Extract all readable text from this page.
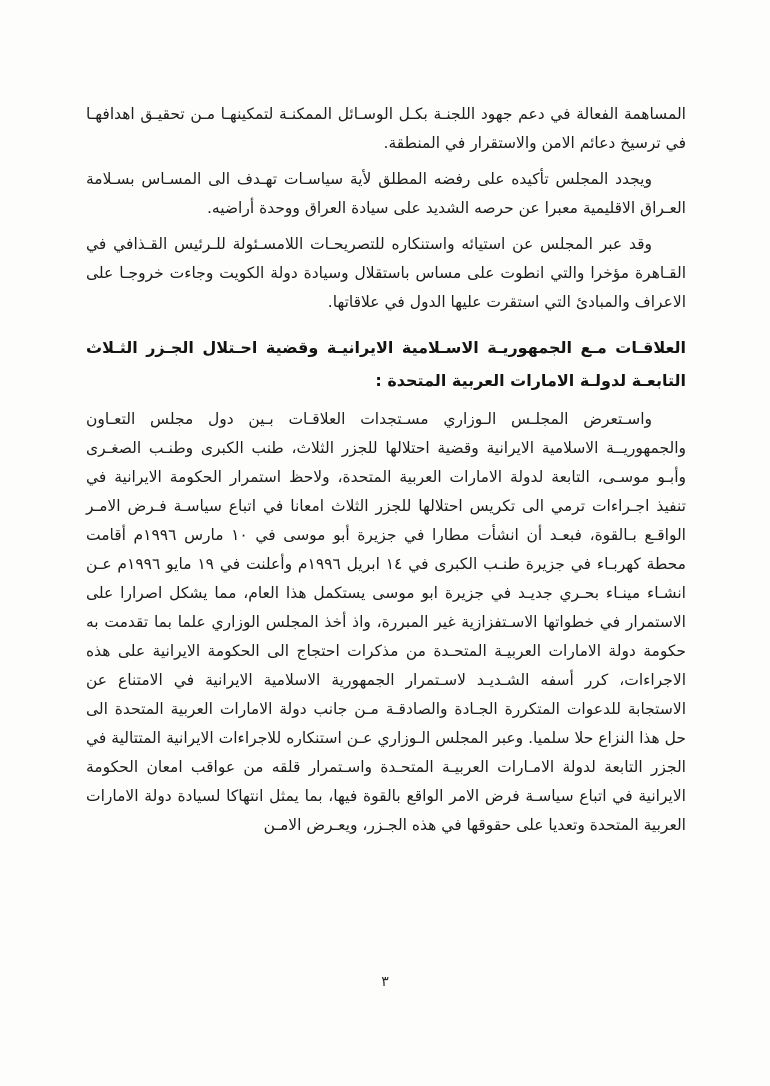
المساهمة الفعالة في دعم جهود اللجنـة بكـل الوسـائل الممكنـة لتمكينهـا مـن تحقيـق اهدافهـا في ترسيخ دعائم الامن والاستقرار في المنطقة.

ويجدد المجلس تأكيده على رفضه المطلق لأية سياسـات تهـدف الى المسـاس بسـلامة العـراق الاقليمية معبرا عن حرصه الشديد على سيادة العراق ووحدة أراضيه.

وقد عبر المجلس عن استيائه واستنكاره للتصريحـات اللامسـئولة للـرئيس القـذافي في القـاهرة مؤخرا والتي انطوت على مساس باستقلال وسيادة دولة الكويت وجاءت خروجـا على الاعراف والمبادئ التي استقرت عليها الدول في علاقاتها.

العلاقـات مـع الجمهوريـة الاسـلامية الايرانيـة وقضية احـتلال الجـزر الثـلاث التابعـة لدولـة الامارات العربية المتحدة :

واسـتعرض المجلـس الـوزاري مسـتجدات العلاقـات بـين دول مجلس التعـاون والجمهوريــة الاسلامية الايرانية وقضية احتلالها للجزر الثلاث، طنب الكبرى وطنـب الصغـرى وأبـو موسـى، التابعة لدولة الامارات العربية المتحدة، ولاحظ استمرار الحكومة الايرانية في تنفيذ اجـراءات ترمي الى تكريس احتلالها للجزر الثلاث امعانا في اتباع سياسـة فـرض الامـر الواقـع بـالقوة، فبعـد أن انشأت مطارا في جزيرة أبو موسى في ١٠ مارس ١٩٩٦م أقامت محطة كهربـاء في جزيرة طنـب الكبرى في ١٤ ابريل ١٩٩٦م وأعلنت في ١٩ مايو ١٩٩٦م عـن انشـاء مينـاء بحـري جديـد في جزيرة ابو موسى يستكمل هذا العام، مما يشكل اصرارا على الاستمرار في خطواتها الاسـتفزازية غير المبررة، واذ أخذ المجلس الوزاري علما بما تقدمت به حكومة دولة الامارات العربيـة المتحـدة من مذكرات احتجاج الى الحكومة الايرانية على هذه الاجراءات، كرر أسفه الشـديـد لاسـتمرار الجمهورية الاسلامية الايرانية في الامتناع عن الاستجابة للدعوات المتكررة الجـادة والصادقـة مـن جانب دولة الامارات العربية المتحدة الى حل هذا النزاع حلا سلميا. وعبر المجلس الـوزاري عـن استنكاره للاجراءات الايرانية المتتالية في الجزر التابعة لدولة الامـارات العربيـة المتحـدة واسـتمرار قلقه من عواقب امعان الحكومة الايرانية في اتباع سياسـة فرض الامر الواقع بالقوة فيها، بما يمثل انتهاكا لسيادة دولة الامارات العربية المتحدة وتعديا على حقوقها في هذه الجـزر، ويعـرض الامـن

٣
